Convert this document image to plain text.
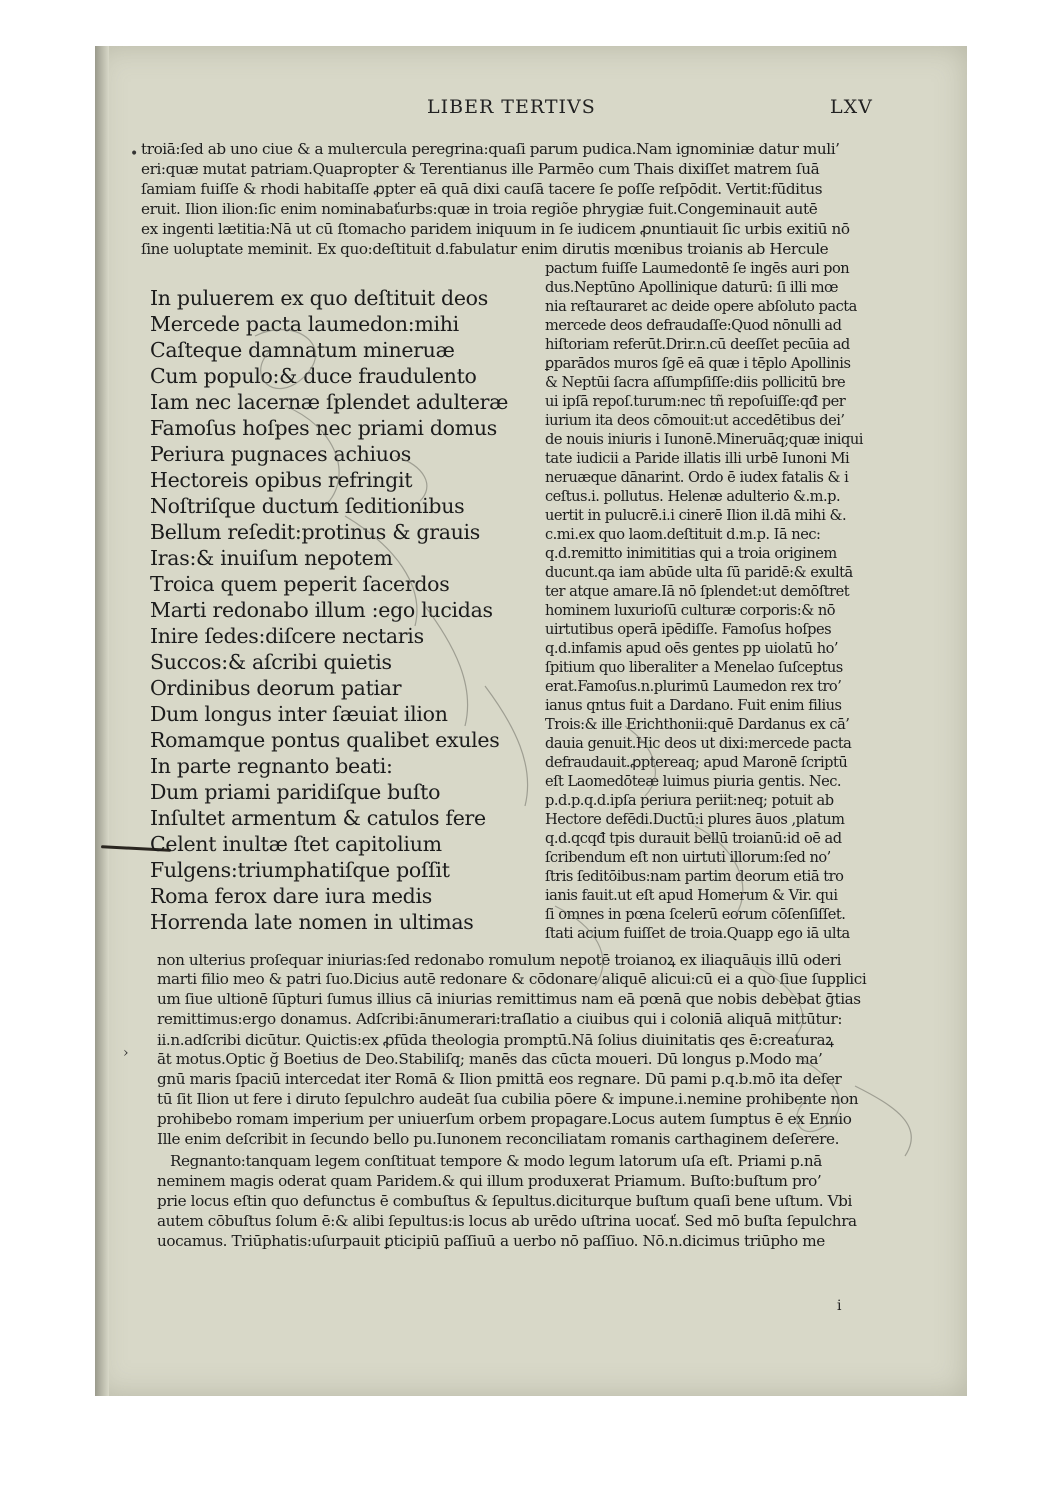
LIBER TERTIVS	LXV
•
›
troiā:ſed ab uno ciue & a mulιercula peregrina:quaſi parum pudica.Nam ignominiæ datur muli’
eri:quæ mutat patriam.Quapropter & Terentianus ille Parmēo cum Thais dixiſſet matrem ſuā
ſamiam fuiſſe & rhodi habitaſſe ꝓpter eā quā dixi cauſā tacere ſe poſſe reſpōdit. Vertit:fūditus
eruit. Ilion ilion:ſic enim nominabaťurbs:quæ in troia regiõe phrygiæ fuit.Congeminauit autē
ex ingenti lætitia:Nā ut cū ſtomacho paridem iniquum in ſe iudicem ꝓnuntiauit ſic urbis exitiū nō
ſine uoluptate meminit. Ex quo:deſtituit d.fabulatur enim dirutis mœnibus troianis ab Hercule
In puluerem ex quo deſtituit deos
Mercede pacta laumedon:mihi
Caſteque damnatum mineruæ
Cum populo:& duce fraudulento
Iam nec lacernæ ſplendet adulteræ
Famoſus hoſpes nec priami domus
Periura pugnaces achiuos
Hectoreis opibus refringit
Noſtriſque ductum ſeditionibus
Bellum reſedit:protinus & grauis
Iras:& inuiſum nepotem
Troica quem peperit ſacerdos
Marti redonabo illum :ego lucidas
Inire ſedes:diſcere nectaris
Succos:& aſcribi quietis
Ordinibus deorum patiar
Dum longus inter ſæuiat ilion
Romamque pontus qualibet exules
In parte regnanto beati:
Dum priami paridiſque buſto
Inſultet armentum & catulos fere
Celent inultæ ſtet capitolium
Fulgens:triumphatiſque poſſit
Roma ferox dare iura medis
Horrenda late nomen in ultimas
pactum fuiſſe Laumedontē ſe ingēs auri pon
dus.Neptūno Apollinique daturū: ſi illi mœ
nia reſtauraret ac deide opere abſoluto pacta
mercede deos defraudaſſe:Quod nōnulli ad
hiſtoriam referūt.Drir.n.cū deeſſet pecūia ad
ꝑparādos muros ſgē eā quæ i tēplo Apollinis
& Neptūi ſacra aſſumpſiſſe:diis pollicitū bre
ui ipſā repoſ.turum:nec tñ repoſuiſſe:qđ per
iurium ita deos cōmouit:ut accedētibus dei’
de nouis iniuris i Iunonē.Mineruāq;quæ iniqui
tate iudicii a Paride illatis illi urbē Iunoni Mi
neruæque dānarint. Ordo ē iudex fatalis & i
ceſtus.i. pollutus. Helenæ adulterio &.m.p.
uertit in pulucrē.i.i cinerē Ilion il.dā mihi &.
c.mi.ex quo laom.deſtituit d.m.p. Iā nec:
q.d.remitto inimititias qui a troia originem
ducunt.qa iam abūde ulta ſū paridē:& exultā
ter atque amare.Iā nō ſplendet:ut demōſtret
hominem luxurioſū culturæ corporis:& nō
uirtutibus operā ipēdiſſe. Famoſus hoſpes
q.d.infamis apud oēs gentes pp uiolatū ho’
ſpitium quo liberaliter a Menelao ſuſceptus
erat.Famoſus.n.plurimū Laumedon rex tro’
ianus qntus fuit a Dardano. Fuit enim filius
Trois:& ille Erichthonii:quē Dardanus ex cā’
dauia genuit.Hic deos ut dixi:mercede pacta
defraudauit.ꝓptereaq; apud Maronē ſcriptū
eſt Laomedōteæ luimus piuria gentis. Nec.
p.d.p.q.d.ipſa periura periit:neq; potuit ab
Hectore defēdi.Ductū:i plures āuos ,platum
q.d.qcqđ tpis durauit bellū troianū:id oē ad
ſcribendum eſt non uirtuti illorum:ſed no’
ſtris ſeditōibus:nam partim deorum etiā tro
ianis fauit.ut eſt apud Homerum & Vir. qui
ſi omnes in pœna ſcelerū eorum cōſenſiſſet.
ſtati acium fuiſſet de troia.Quapp ego iā ulta
non ulterius proſequar iniurias:ſed redonabo romulum nepotē troianoꝝ ex iliaquāuis illū oderi
marti filio meo & patri ſuo.Dicius autē redonare & cōdonare aliquē alicui:cū ei a quo ſiue ſupplici
um ſiue ultionē ſūpturi ſumus illius cā iniurias remittimus nam eā pœnā que nobis debebat ḡtias
remittimus:ergo donamus. Adſcribi:ānumerari:traſlatio a ciuibus qui i coloniā aliquā mittūtur:
ii.n.adſcribi dicūtur. Quictis:ex ꝓfūda theologia promptū.Nā ſolius diuinitatis qes ē:creaturaꝝ
āt motus.Optic ğ Boetius de Deo.Stabiliſq; manēs das cūcta moueri. Dū longus p.Modo ma’
gnū maris ſpaciū intercedat iter Romā & Ilion pmittā eos regnare. Dū pami p.q.b.mō ita deſer
tū ſit Ilion ut fere i diruto ſepulchro audeāt ſua cubilia pōere & impune.i.nemine prohibente non
prohibebo romam imperium per uniuerſum orbem propagare.Locus autem ſumptus ē ex Ennio
Ille enim deſcribit in ſecundo bello pu.Iunonem reconciliatam romanis carthaginem deſerere.
Regnanto:tanquam legem conſtituat tempore & modo legum latorum uſa eſt. Priami p.nā
neminem magis oderat quam Paridem.& qui illum produxerat Priamum. Buſto:buſtum pro’
prie locus eſtin quo defunctus ē combuſtus & ſepultus.diciturque buſtum quaſi bene uſtum. Vbi
autem cōbuſtus ſolum ē:& alibi ſepultus:is locus ab urēdo uſtrina uocať. Sed mō buſta ſepulchra
uocamus. Triūphatis:uſurpauit ꝑticipiū paſſiuū a uerbo nō paſſiuo. Nō.n.dicimus triūpho me
i
